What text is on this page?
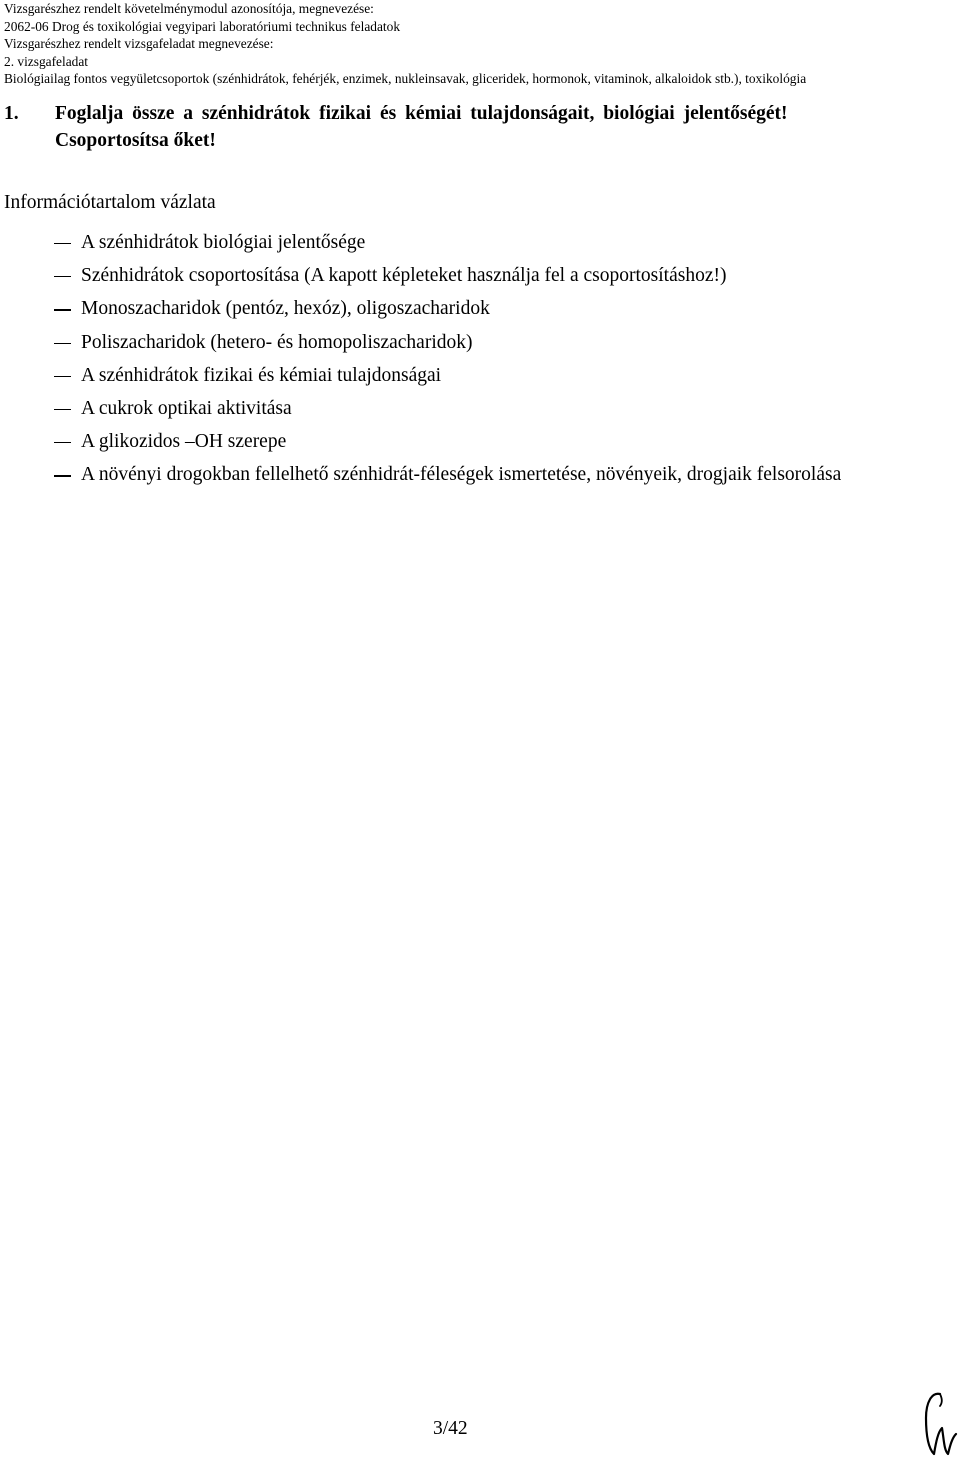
Vizsgarészhez rendelt követelménymodul azonosítója, megnevezése:
2062-06 Drog és toxikológiai vegyipari laboratóriumi technikus feladatok
Vizsgarészhez rendelt vizsgafeladat megnevezése:
2. vizsgafeladat
Biológiailag fontos vegyületcsoportok (szénhidrátok, fehérjék, enzimek, nukleinsavak, gliceridek, hormonok, vitaminok, alkaloidok stb.), toxikológia
1. Foglalja össze a szénhidrátok fizikai és kémiai tulajdonságait, biológiai jelentőségét!
Csoportosítsa őket!
Információtartalom vázlata
A szénhidrátok biológiai jelentősége
Szénhidrátok csoportosítása (A kapott képleteket használja fel a csoportosításhoz!)
Monoszacharidok (pentóz, hexóz), oligoszacharidok
Poliszacharidok (hetero- és homopoliszacharidok)
A szénhidrátok fizikai és kémiai tulajdonságai
A cukrok optikai aktivitása
A glikozidos –OH szerepe
A növényi drogokban fellelhető szénhidrát-féleségek ismertetése, növényeik, drogjaik felsorolása
3/42
